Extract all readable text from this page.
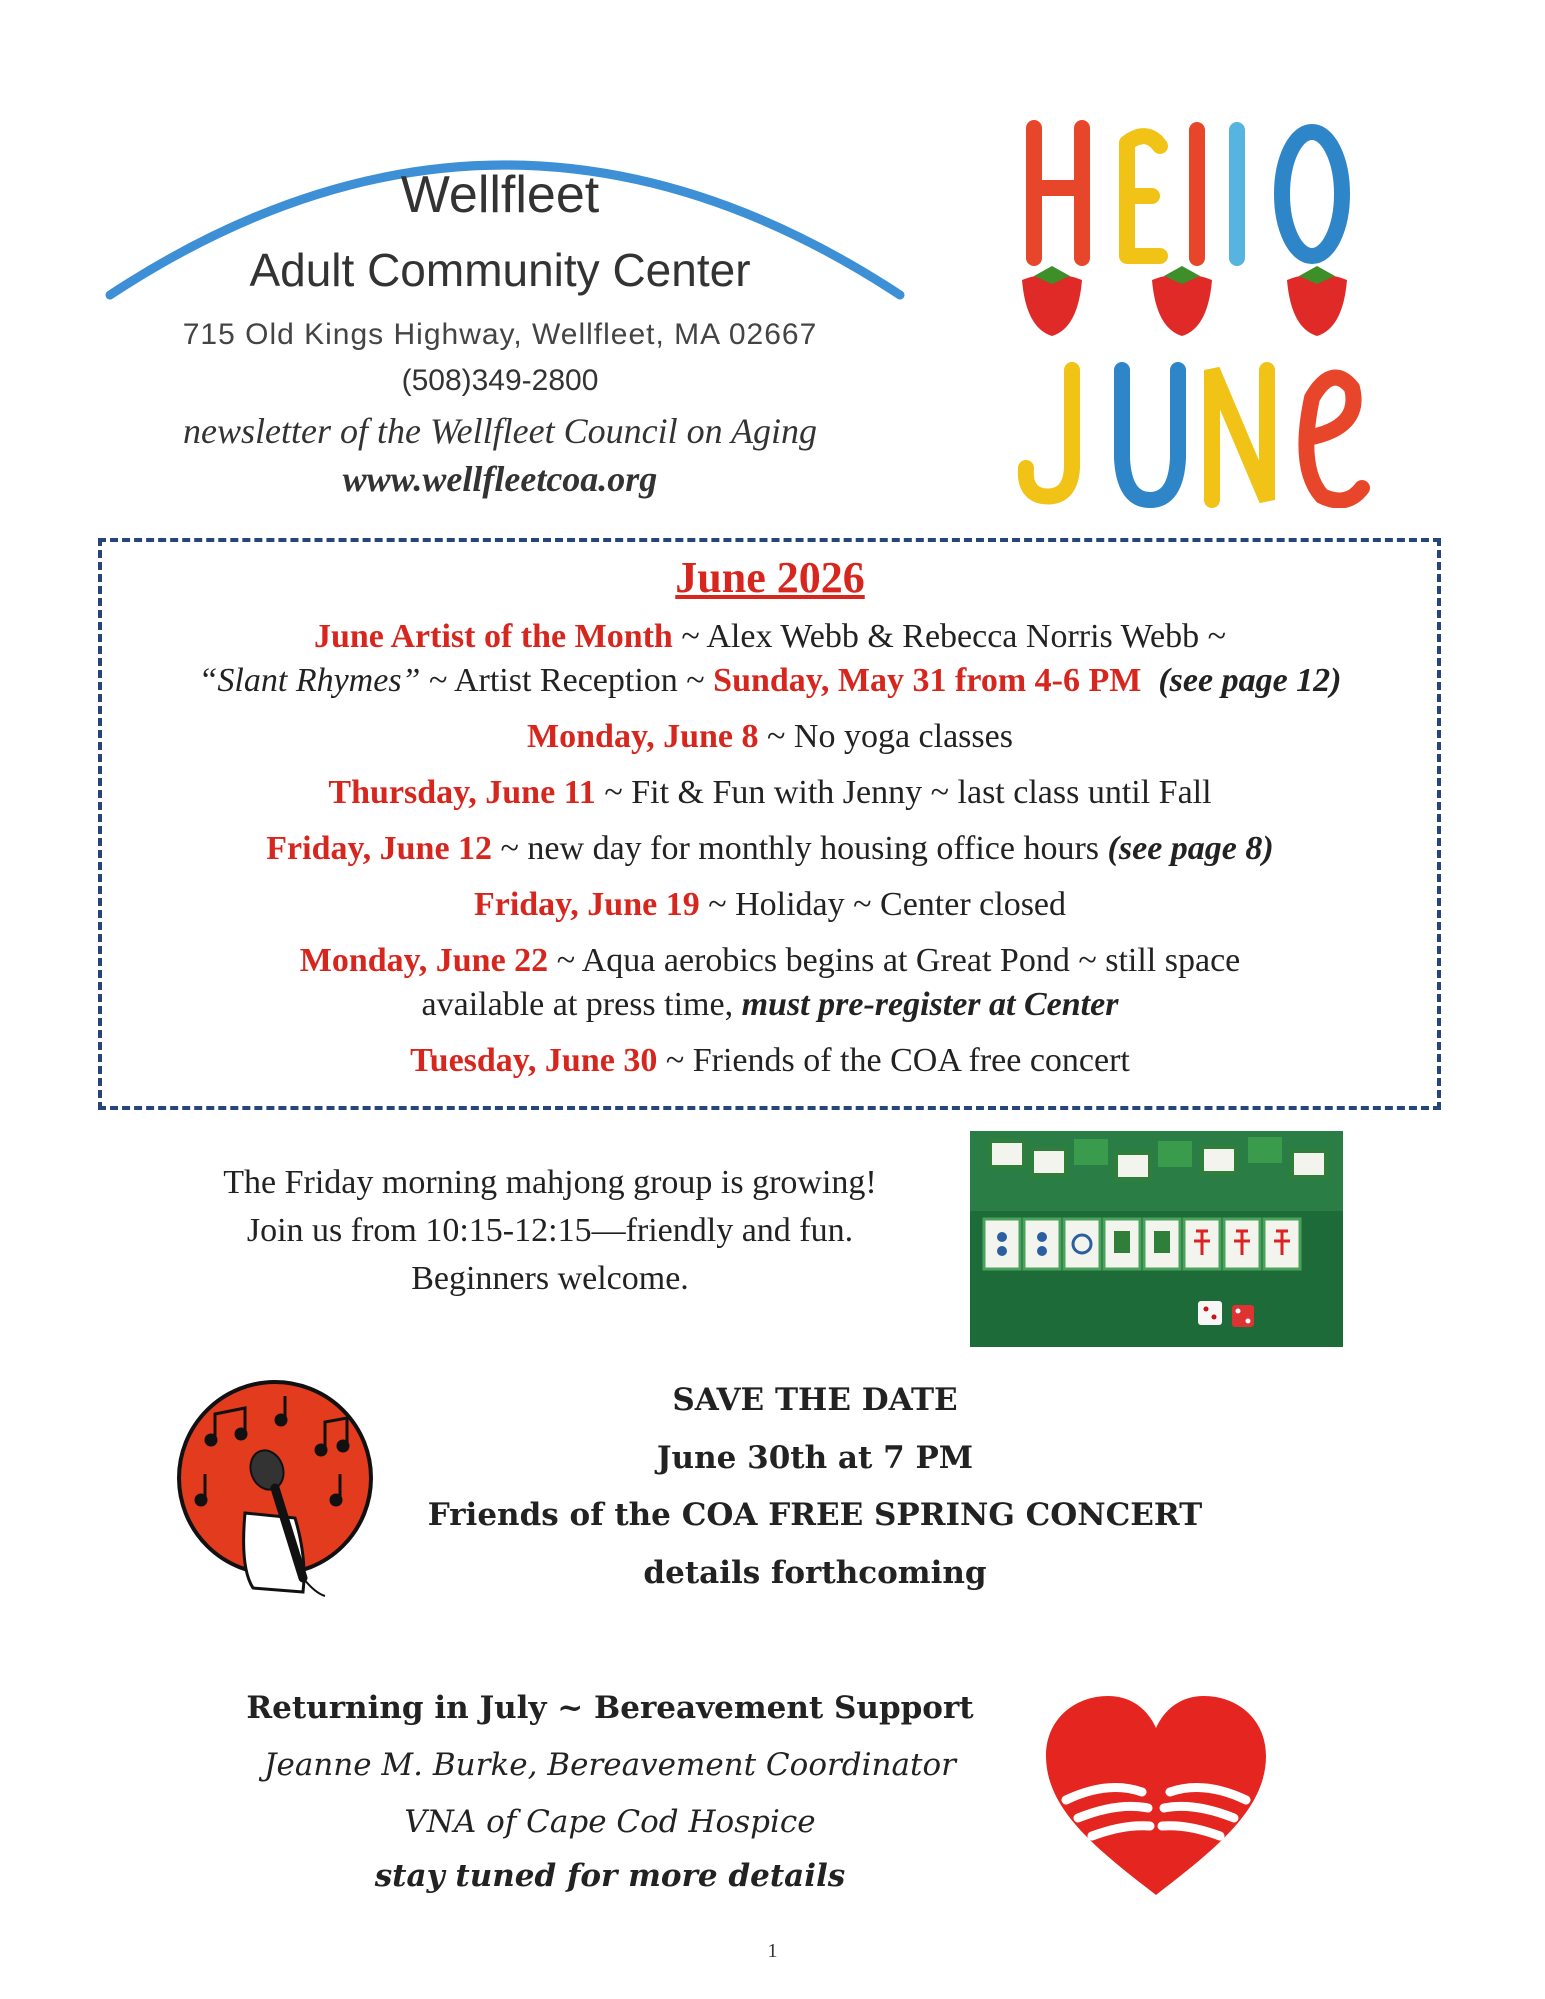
Wellfleet
Adult Community Center
715 Old Kings Highway, Wellfleet, MA 02667
(508)349-2800
newsletter of the Wellfleet Council on Aging
www.wellfleetcoa.org
June 2026
June Artist of the Month ~ Alex Webb & Rebecca Norris Webb ~
“Slant Rhymes” ~ Artist Reception ~ Sunday, May 31 from 4-6 PM (see page 12)
Monday, June 8 ~ No yoga classes
Thursday, June 11 ~ Fit & Fun with Jenny ~ last class until Fall
Friday, June 12 ~ new day for monthly housing office hours (see page 8)
Friday, June 19 ~ Holiday ~ Center closed
Monday, June 22 ~ Aqua aerobics begins at Great Pond ~ still space
available at press time, must pre-register at Center
Tuesday, June 30 ~ Friends of the COA free concert
The Friday morning mahjong group is growing!
Join us from 10:15-12:15—friendly and fun.
Beginners welcome.
SAVE THE DATE
June 30th at 7 PM
Friends of the COA FREE SPRING CONCERT
details forthcoming
Returning in July ~ Bereavement Support
Jeanne M. Burke, Bereavement Coordinator
VNA of Cape Cod Hospice
stay tuned for more details
1
